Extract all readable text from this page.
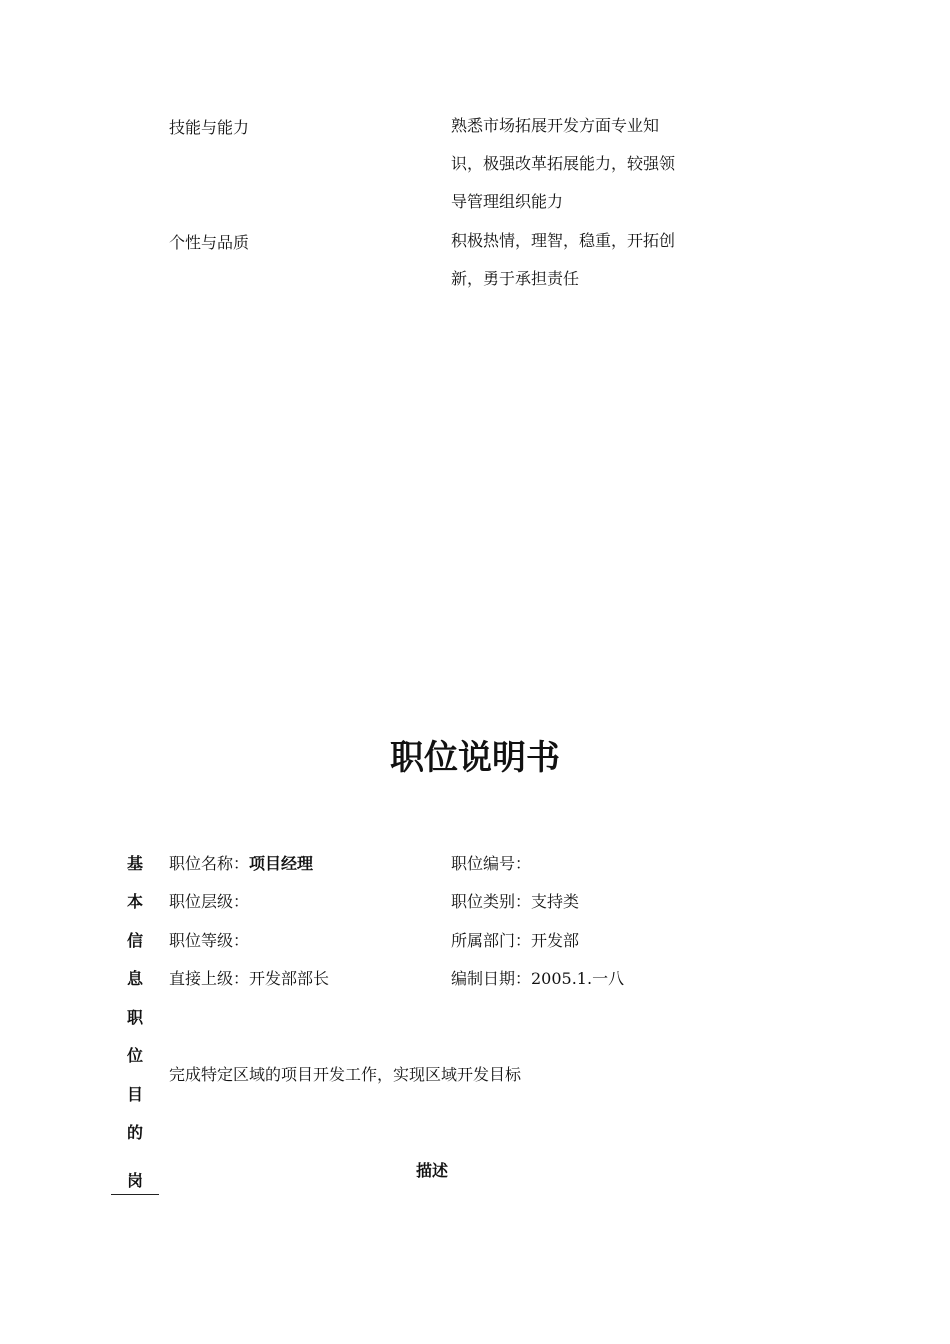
技能与能力	熟悉市场拓展开发方面专业知
识，极强改革拓展能力，较强领
导管理组织能力
个性与品质	积极热情，理智，稳重，开拓创
新，勇于承担责任
职位说明书
基
本
信
息
职
位
目
的
岗
职位名称：项目经理	职位编号：
职位层级：	职位类别：支持类
职位等级：	所属部门：开发部
直接上级：开发部部长	编制日期：2005.1.一八
完成特定区域的项目开发工作，实现区域开发目标
描述
